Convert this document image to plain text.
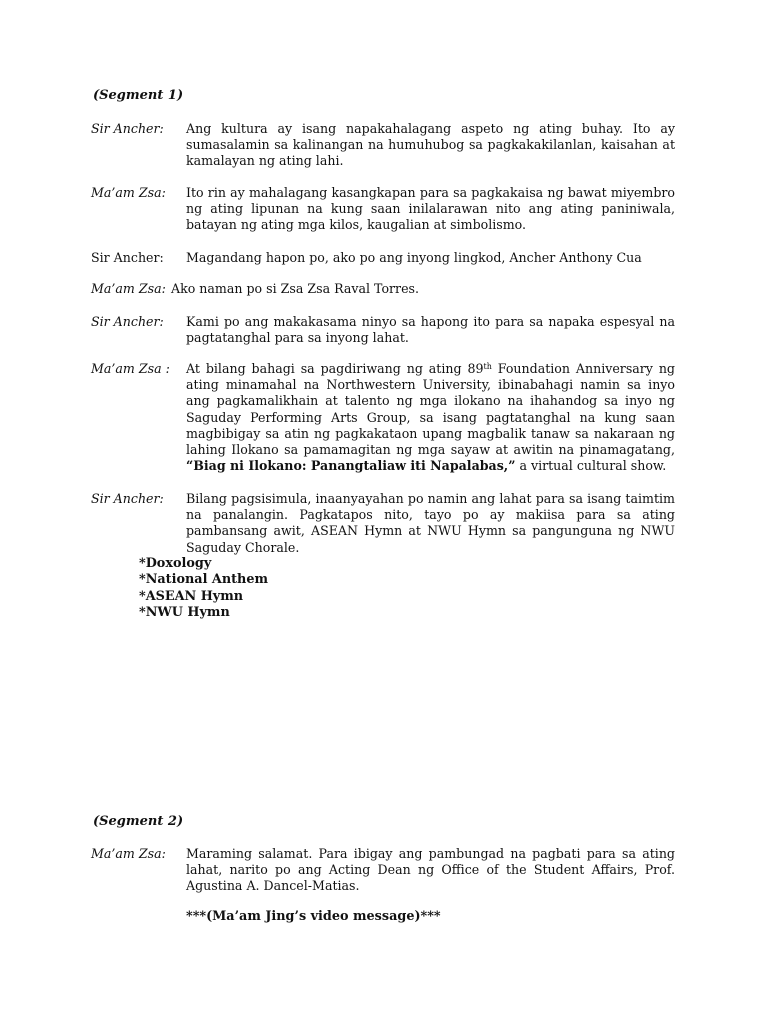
(Segment 1)
Sir Ancher: Ang kultura ay isang napakahalagang aspeto ng ating buhay. Ito ay sumasalamin sa kalinangan na humuhubog sa pagkakakilanlan, kaisahan at kamalayan ng ating lahi.
Ma’am Zsa: Ito rin ay mahalagang kasangkapan para sa pagkakaisa ng bawat miyembro ng ating lipunan na kung saan inilalarawan nito ang ating paniniwala, batayan ng ating mga kilos, kaugalian at simbolismo.
Sir Ancher: Magandang hapon po, ako po ang inyong lingkod, Ancher Anthony Cua
Ma’am Zsa: Ako naman po si Zsa Zsa Raval Torres.
Sir Ancher: Kami po ang makakasama ninyo sa hapong ito para sa napaka espesyal na pagtatanghal para sa inyong lahat.
Ma’am Zsa : At bilang bahagi sa pagdiriwang ng ating 89th Foundation Anniversary ng ating minamahal na Northwestern University, ibinabahagi namin sa inyo ang pagkamalikhain at talento ng mga ilokano na ihahandog sa inyo ng Saguday Performing Arts Group, sa isang pagtatanghal na kung saan magbibigay sa atin ng pagkakataon upang magbalik tanaw sa nakaraan ng lahing Ilokano sa pamamagitan ng mga sayaw at awitin na pinamagatang, “Biag ni Ilokano: Panangtaliaw iti Napalabas,” a virtual cultural show.
Sir Ancher: Bilang pagsisimula, inaanyayahan po namin ang lahat para sa isang taimtim na panalangin. Pagkatapos nito, tayo po ay makiisa para sa ating pambansang awit, ASEAN Hymn at NWU Hymn sa pangunguna ng NWU Saguday Chorale.
*Doxology
*National Anthem
*ASEAN Hymn
*NWU Hymn
(Segment 2)
Ma’am Zsa: Maraming salamat. Para ibigay ang pambungad na pagbati para sa ating lahat, narito po ang Acting Dean ng Office of the Student Affairs, Prof. Agustina A. Dancel-Matias.
***(Ma’am Jing’s video message)***
